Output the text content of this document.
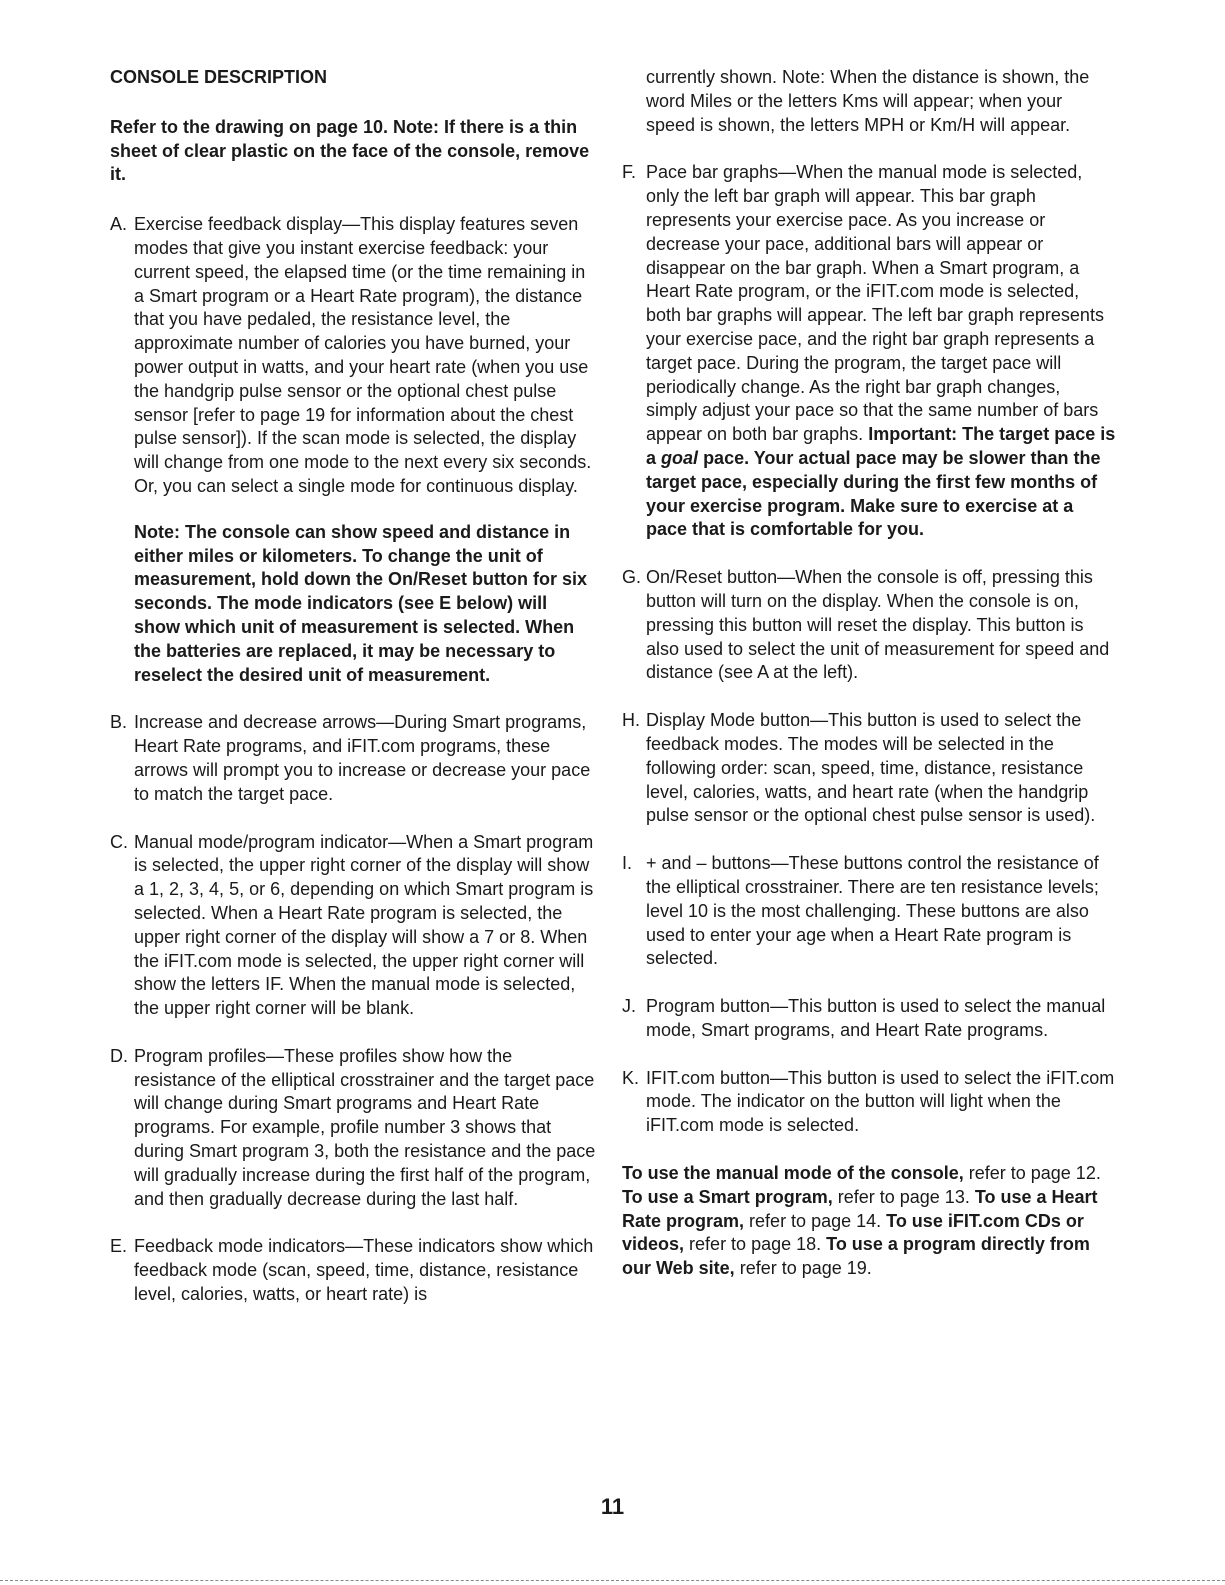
CONSOLE DESCRIPTION
Refer to the drawing on page 10. Note: If there is a thin sheet of clear plastic on the face of the console, remove it.
A. Exercise feedback display—This display features seven modes that give you instant exercise feedback: your current speed, the elapsed time (or the time remaining in a Smart program or a Heart Rate program), the distance that you have pedaled, the resistance level, the approximate number of calories you have burned, your power output in watts, and your heart rate (when you use the handgrip pulse sensor or the optional chest pulse sensor [refer to page 19 for information about the chest pulse sensor]). If the scan mode is selected, the display will change from one mode to the next every six seconds. Or, you can select a single mode for continuous display.
Note: The console can show speed and distance in either miles or kilometers. To change the unit of measurement, hold down the On/Reset button for six seconds. The mode indicators (see E below) will show which unit of measurement is selected. When the batteries are replaced, it may be necessary to reselect the desired unit of measurement.
B. Increase and decrease arrows—During Smart programs, Heart Rate programs, and iFIT.com programs, these arrows will prompt you to increase or decrease your pace to match the target pace.
C. Manual mode/program indicator—When a Smart program is selected, the upper right corner of the display will show a 1, 2, 3, 4, 5, or 6, depending on which Smart program is selected. When a Heart Rate program is selected, the upper right corner of the display will show a 7 or 8. When the iFIT.com mode is selected, the upper right corner will show the letters IF. When the manual mode is selected, the upper right corner will be blank.
D. Program profiles—These profiles show how the resistance of the elliptical crosstrainer and the target pace will change during Smart programs and Heart Rate programs. For example, profile number 3 shows that during Smart program 3, both the resistance and the pace will gradually increase during the first half of the program, and then gradually decrease during the last half.
E. Feedback mode indicators—These indicators show which feedback mode (scan, speed, time, distance, resistance level, calories, watts, or heart rate) is
currently shown. Note: When the distance is shown, the word Miles or the letters Kms will appear; when your speed is shown, the letters MPH or Km/H will appear.
F. Pace bar graphs—When the manual mode is selected, only the left bar graph will appear. This bar graph represents your exercise pace. As you increase or decrease your pace, additional bars will appear or disappear on the bar graph. When a Smart program, a Heart Rate program, or the iFIT.com mode is selected, both bar graphs will appear. The left bar graph represents your exercise pace, and the right bar graph represents a target pace. During the program, the target pace will periodically change. As the right bar graph changes, simply adjust your pace so that the same number of bars appear on both bar graphs. Important: The target pace is a goal pace. Your actual pace may be slower than the target pace, especially during the first few months of your exercise program. Make sure to exercise at a pace that is comfortable for you.
G. On/Reset button—When the console is off, pressing this button will turn on the display. When the console is on, pressing this button will reset the display. This button is also used to select the unit of measurement for speed and distance (see A at the left).
H. Display Mode button—This button is used to select the feedback modes. The modes will be selected in the following order: scan, speed, time, distance, resistance level, calories, watts, and heart rate (when the handgrip pulse sensor or the optional chest pulse sensor is used).
I. + and – buttons—These buttons control the resistance of the elliptical crosstrainer. There are ten resistance levels; level 10 is the most challenging. These buttons are also used to enter your age when a Heart Rate program is selected.
J. Program button—This button is used to select the manual mode, Smart programs, and Heart Rate programs.
K. IFIT.com button—This button is used to select the iFIT.com mode. The indicator on the button will light when the iFIT.com mode is selected.

To use the manual mode of the console, refer to page 12. To use a Smart program, refer to page 13. To use a Heart Rate program, refer to page 14. To use iFIT.com CDs or videos, refer to page 18. To use a program directly from our Web site, refer to page 19.

11
